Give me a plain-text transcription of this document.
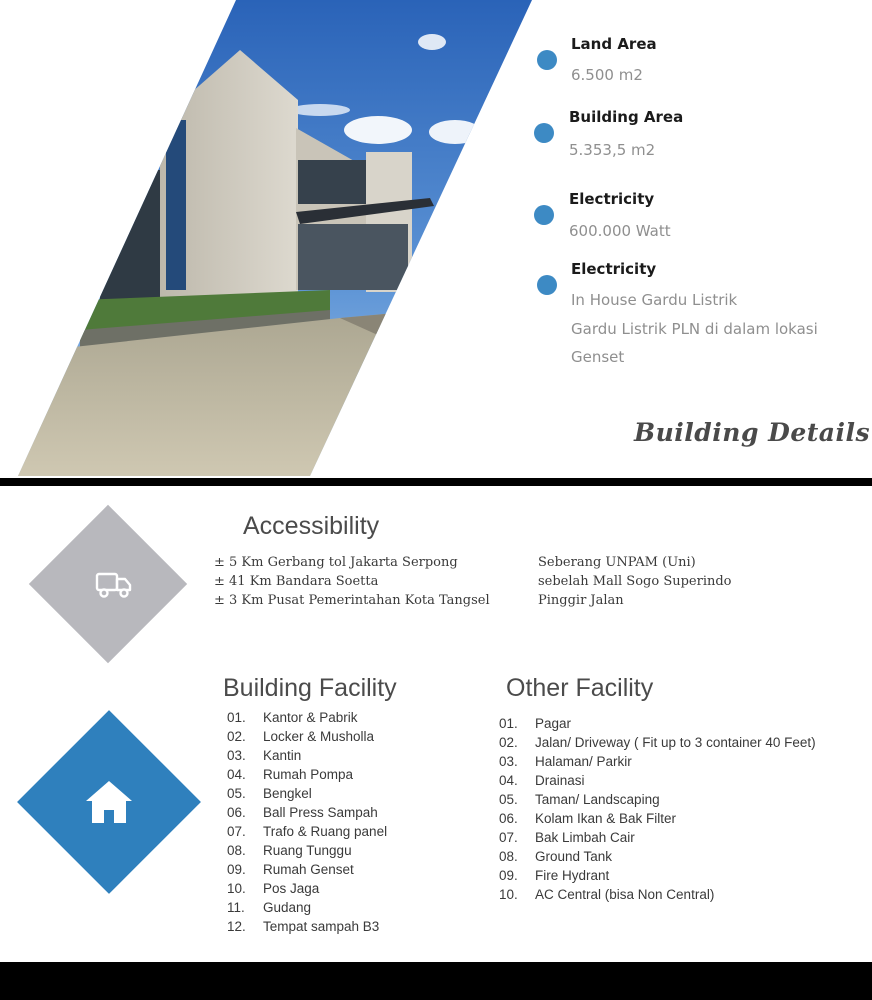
Land Area
6.500 m2
Building Area
5.353,5 m2
Electricity
600.000 Watt
Electricity
In House Gardu Listrik
Gardu Listrik PLN di dalam lokasi
Genset
Building Details
Accessibility
± 5 Km Gerbang tol Jakarta Serpong
± 41 Km Bandara Soetta
± 3 Km Pusat Pemerintahan Kota Tangsel
Seberang UNPAM (Uni)
sebelah Mall Sogo Superindo
Pinggir Jalan
Building Facility
01. Kantor & Pabrik
02. Locker & Musholla
03. Kantin
04. Rumah Pompa
05. Bengkel
06. Ball Press Sampah
07. Trafo & Ruang panel
08. Ruang Tunggu
09. Rumah Genset
10. Pos Jaga
11. Gudang
12. Tempat sampah B3
Other Facility
01. Pagar
02. Jalan/ Driveway ( Fit up to 3 container 40 Feet)
03. Halaman/ Parkir
04. Drainasi
05. Taman/ Landscaping
06. Kolam Ikan & Bak Filter
07. Bak Limbah Cair
08. Ground Tank
09. Fire Hydrant
10. AC Central (bisa Non Central)
